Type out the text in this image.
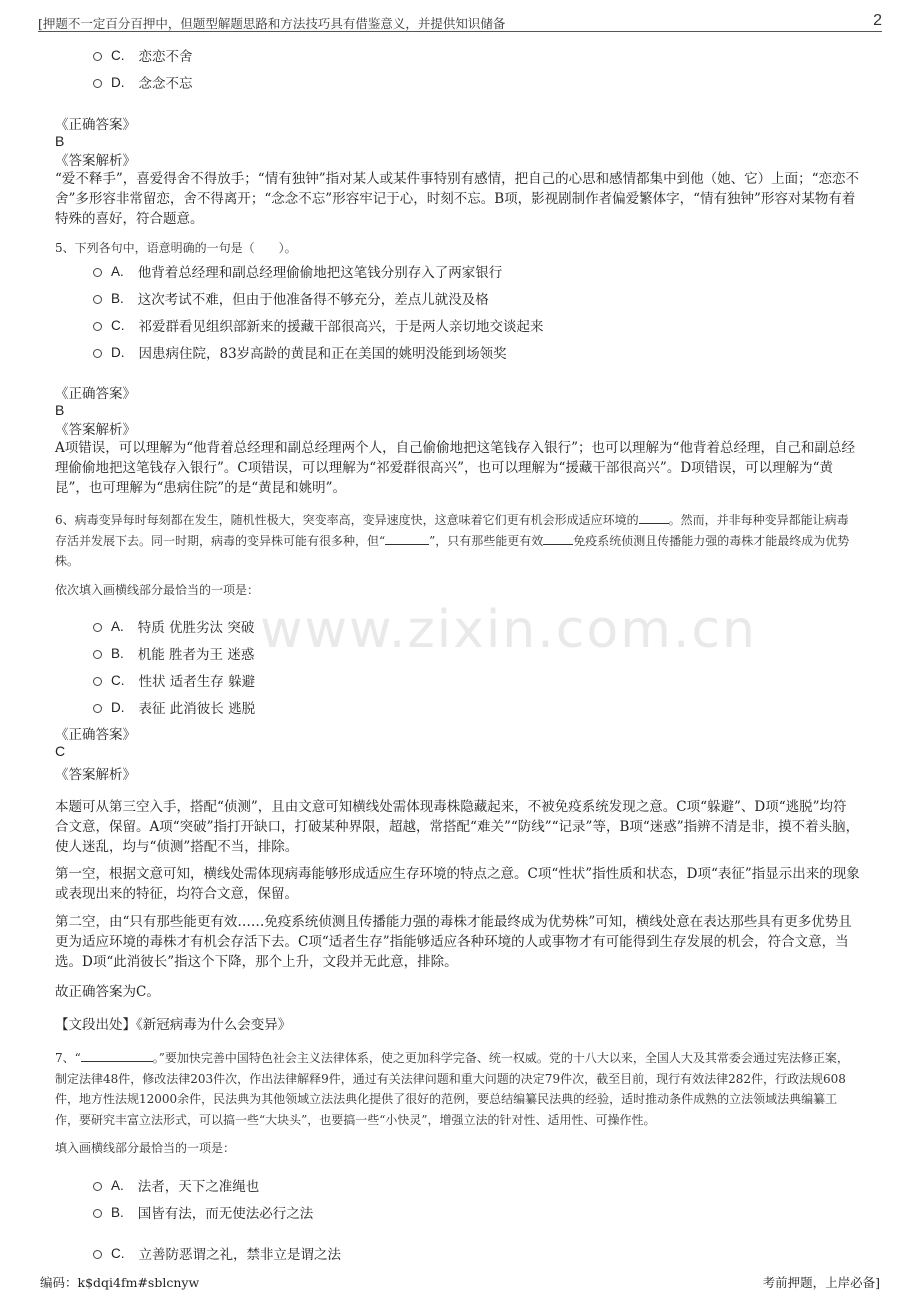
[押题不一定百分百押中，但题型解题思路和方法技巧具有借鉴意义，并提供知识储备	2
www.zixin.com.cn
C. 恋恋不舍
D. 念念不忘
《正确答案》
B
《答案解析》
“爱不释手”，喜爱得舍不得放手；“情有独钟”指对某人或某件事特别有感情，把自己的心思和感情都集中到他（她、它）上面；“恋恋不舍”多形容非常留恋，舍不得离开；“念念不忘”形容牢记于心，时刻不忘。B项，影视剧制作者偏爱繁体字，“情有独钟”形容对某物有着特殊的喜好，符合题意。
5、下列各句中，语意明确的一句是（　　）。
A. 他背着总经理和副总经理偷偷地把这笔钱分别存入了两家银行
B. 这次考试不难，但由于他准备得不够充分，差点儿就没及格
C. 祁爱群看见组织部新来的援藏干部很高兴，于是两人亲切地交谈起来
D. 因患病住院，83岁高龄的黄昆和正在美国的姚明没能到场领奖
《正确答案》
B
《答案解析》
A项错误，可以理解为“他背着总经理和副总经理两个人，自己偷偷地把这笔钱存入银行”；也可以理解为“他背着总经理，自己和副总经理偷偷地把这笔钱存入银行”。C项错误，可以理解为“祁爱群很高兴”，也可以理解为“援藏干部很高兴”。D项错误，可以理解为“黄昆”，也可理解为“患病住院”的是“黄昆和姚明”。
6、病毒变异每时每刻都在发生，随机性极大，突变率高，变异速度快，这意味着它们更有机会形成适应环境的	。然而，并非每种变异都能让病毒存活并发展下去。同一时期，病毒的变异株可能有很多种，但“	”，只有那些能更有效	免疫系统侦测且传播能力强的毒株才能最终成为优势株。
依次填入画横线部分最恰当的一项是：
A. 特质 优胜劣汰 突破
B. 机能 胜者为王 迷惑
C. 性状 适者生存 躲避
D. 表征 此消彼长 逃脱
《正确答案》
C
《答案解析》
本题可从第三空入手，搭配“侦测”，且由文意可知横线处需体现毒株隐藏起来，不被免疫系统发现之意。C项“躲避”、D项“逃脱”均符合文意，保留。A项“突破”指打开缺口，打破某种界限，超越，常搭配“难关”“防线”“记录”等，B项“迷惑”指辨不清是非，摸不着头脑，使人迷乱，均与“侦测”搭配不当，排除。
第一空，根据文意可知，横线处需体现病毒能够形成适应生存环境的特点之意。C项“性状”指性质和状态，D项“表征”指显示出来的现象或表现出来的特征，均符合文意，保留。
第二空，由“只有那些能更有效……免疫系统侦测且传播能力强的毒株才能最终成为优势株”可知，横线处意在表达那些具有更多优势且更为适应环境的毒株才有机会存活下去。C项“适者生存”指能够适应各种环境的人或事物才有可能得到生存发展的机会，符合文意，当选。D项“此消彼长”指这个下降，那个上升，文段并无此意，排除。
故正确答案为C。
【文段出处】《新冠病毒为什么会变异》
7、“	。”要加快完善中国特色社会主义法律体系，使之更加科学完备、统一权威。党的十八大以来，全国人大及其常委会通过宪法修正案，制定法律48件，修改法律203件次，作出法律解释9件，通过有关法律问题和重大问题的决定79件次，截至目前，现行有效法律282件，行政法规608件，地方性法规12000余件，民法典为其他领域立法法典化提供了很好的范例，要总结编纂民法典的经验，适时推动条件成熟的立法领域法典编纂工作，要研究丰富立法形式，可以搞一些“大块头”，也要搞一些“小快灵”，增强立法的针对性、适用性、可操作性。
填入画横线部分最恰当的一项是：
A. 法者，天下之准绳也
B. 国皆有法，而无使法必行之法
C. 立善防恶谓之礼，禁非立是谓之法
编码：k$dqi4fm#sblcnyw	考前押题，上岸必备]
